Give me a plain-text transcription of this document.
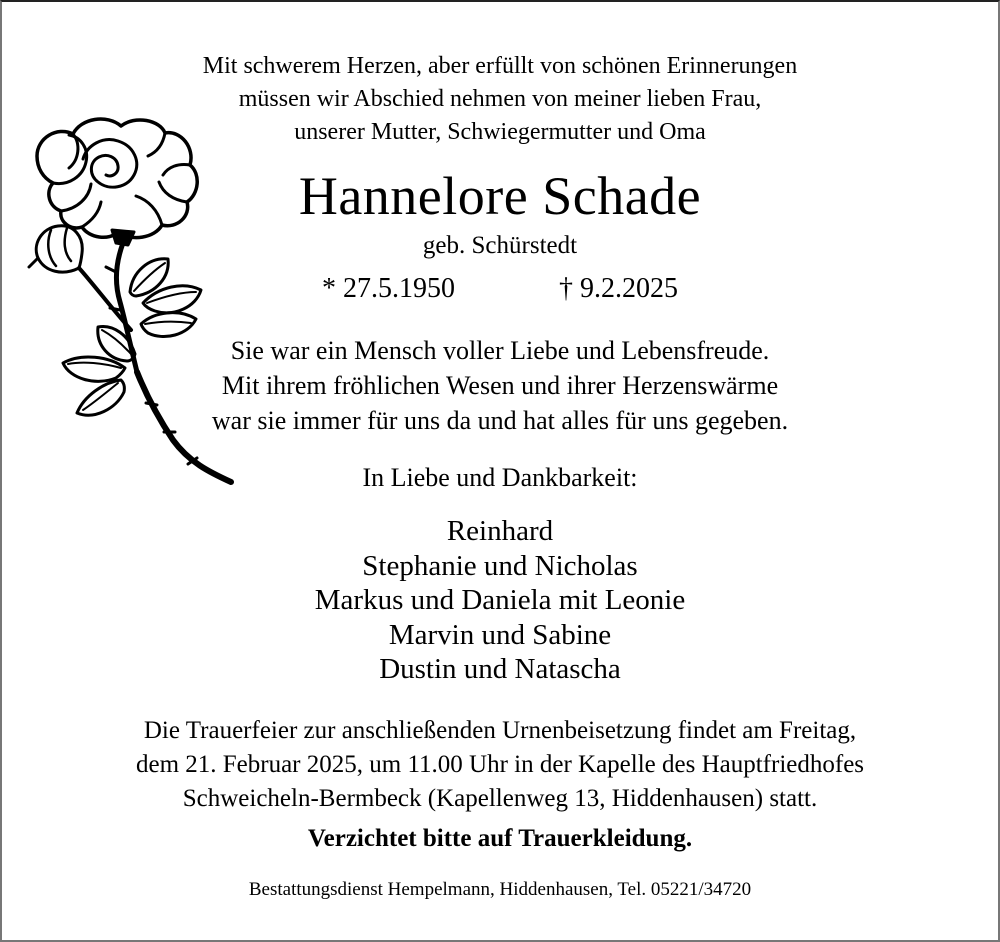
Mit schwerem Herzen, aber erfüllt von schönen Erinnerungen
müssen wir Abschied nehmen von meiner lieben Frau,
unserer Mutter, Schwiegermutter und Oma
Hannelore Schade
geb. Schürstedt
* 27.5.1950	† 9.2.2025
Sie war ein Mensch voller Liebe und Lebensfreude.
Mit ihrem fröhlichen Wesen und ihrer Herzenswärme
war sie immer für uns da und hat alles für uns gegeben.
In Liebe und Dankbarkeit:
Reinhard
Stephanie und Nicholas
Markus und Daniela mit Leonie
Marvin und Sabine
Dustin und Natascha
Die Trauerfeier zur anschließenden Urnenbeisetzung findet am Freitag,
dem 21. Februar 2025, um 11.00 Uhr in der Kapelle des Hauptfriedhofes
Schweicheln-Bermbeck (Kapellenweg 13, Hiddenhausen) statt.
Verzichtet bitte auf Trauerkleidung.
Bestattungsdienst Hempelmann, Hiddenhausen, Tel. 05221/34720
